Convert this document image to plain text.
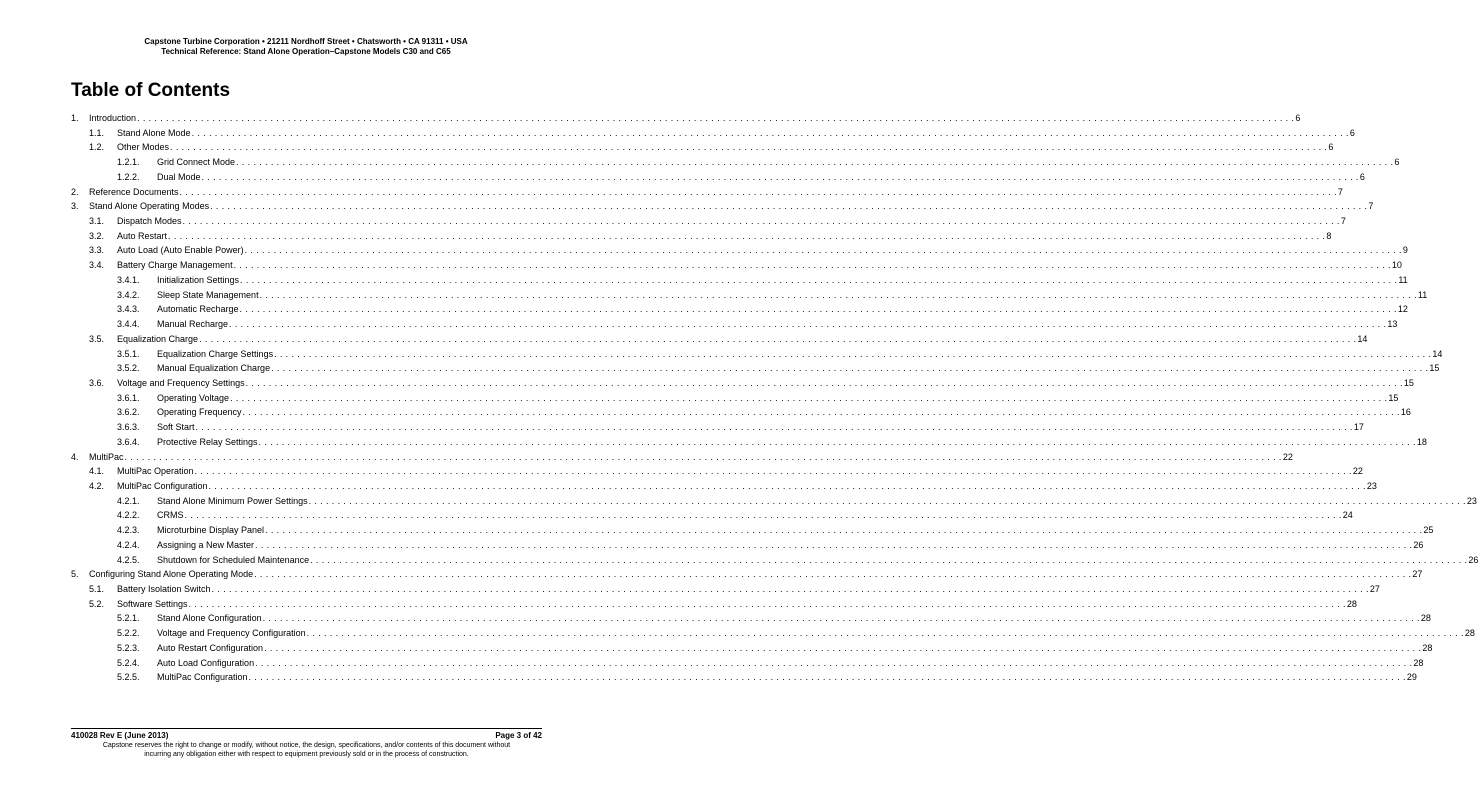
Capstone Turbine Corporation • 21211 Nordhoff Street • Chatsworth • CA 91311 • USA
Technical Reference: Stand Alone Operation–Capstone Models C30 and C65
Table of Contents
1.	Introduction . . . . . . . . . . . . . . . . . . . . . . . . . . . . . . . . . . . . . . . . . . . . . . . . . . . . . . . . . . . . . . . . . . . . . . . . . . . . . . . . . . . . . . . . . . . . . . . . . . . . . . . . . . . . . . . . . . . . . . . . . . . . . . . . . . . . . . . . . . . . . . . . . . . . . . . . . . . . . . . . . . . . . . . . . . . . . . . . . . . . . . . . . . . . . . . . . . . . . . . . 6
1.1.	Stand Alone Mode . . . . . . . . . . . . . . . . . . . . . . . . . . . . . . . . . . . . . . . . . . . . . . . . . . . . . . . . . . . . . . . . . . . . . . . . . . . . . . . . . . . . . . . . . . . . . . . . . . . . . . . . . . . . . . . . . . . . . . . . . . . . . . . . . . . . . . . . . . . . . . . . . . . . . . . . . . . . . . . . . . . . . . . . . . . . . . . . . . . . . . . . . . . . . . . . . . . . . . . . 6
1.2.	Other Modes . . . . . . . . . . . . . . . . . . . . . . . . . . . . . . . . . . . . . . . . . . . . . . . . . . . . . . . . . . . . . . . . . . . . . . . . . . . . . . . . . . . . . . . . . . . . . . . . . . . . . . . . . . . . . . . . . . . . . . . . . . . . . . . . . . . . . . . . . . . . . . . . . . . . . . . . . . . . . . . . . . . . . . . . . . . . . . . . . . . . . . . . . . . . . . . . . . . . . . . . 6
1.2.1.	Grid Connect Mode . . . . . . . . . . . . . . . . . . . . . . . . . . . . . . . . . . . . . . . . . . . . . . . . . . . . . . . . . . . . . . . . . . . . . . . . . . . . . . . . . . . . . . . . . . . . . . . . . . . . . . . . . . . . . . . . . . . . . . . . . . . . . . . . . . . . . . . . . . . . . . . . . . . . . . . . . . . . . . . . . . . . . . . . . . . . . . . . . . . . . . . . . . . . . . . . . . . . . . . . 6
1.2.2.	Dual Mode . . . . . . . . . . . . . . . . . . . . . . . . . . . . . . . . . . . . . . . . . . . . . . . . . . . . . . . . . . . . . . . . . . . . . . . . . . . . . . . . . . . . . . . . . . . . . . . . . . . . . . . . . . . . . . . . . . . . . . . . . . . . . . . . . . . . . . . . . . . . . . . . . . . . . . . . . . . . . . . . . . . . . . . . . . . . . . . . . . . . . . . . . . . . . . . . . . . . . . . . 6
2.	Reference Documents . . . . . . . . . . . . . . . . . . . . . . . . . . . . . . . . . . . . . . . . . . . . . . . . . . . . . . . . . . . . . . . . . . . . . . . . . . . . . . . . . . . . . . . . . . . . . . . . . . . . . . . . . . . . . . . . . . . . . . . . . . . . . . . . . . . . . . . . . . . . . . . . . . . . . . . . . . . . . . . . . . . . . . . . . . . . . . . . . . . . . . . . . . . . . . . . . . . . . . . . 7
3.	Stand Alone Operating Modes . . . . . . . . . . . . . . . . . . . . . . . . . . . . . . . . . . . . . . . . . . . . . . . . . . . . . . . . . . . . . . . . . . . . . . . . . . . . . . . . . . . . . . . . . . . . . . . . . . . . . . . . . . . . . . . . . . . . . . . . . . . . . . . . . . . . . . . . . . . . . . . . . . . . . . . . . . . . . . . . . . . . . . . . . . . . . . . . . . . . . . . . . . . . . . . . . . . . . . . . 7
3.1.	Dispatch Modes . . . . . . . . . . . . . . . . . . . . . . . . . . . . . . . . . . . . . . . . . . . . . . . . . . . . . . . . . . . . . . . . . . . . . . . . . . . . . . . . . . . . . . . . . . . . . . . . . . . . . . . . . . . . . . . . . . . . . . . . . . . . . . . . . . . . . . . . . . . . . . . . . . . . . . . . . . . . . . . . . . . . . . . . . . . . . . . . . . . . . . . . . . . . . . . . . . . . . . . . 7
3.2.	Auto Restart . . . . . . . . . . . . . . . . . . . . . . . . . . . . . . . . . . . . . . . . . . . . . . . . . . . . . . . . . . . . . . . . . . . . . . . . . . . . . . . . . . . . . . . . . . . . . . . . . . . . . . . . . . . . . . . . . . . . . . . . . . . . . . . . . . . . . . . . . . . . . . . . . . . . . . . . . . . . . . . . . . . . . . . . . . . . . . . . . . . . . . . . . . . . . . . . . . . . . . . . 8
3.3.	Auto Load (Auto Enable Power) . . . . . . . . . . . . . . . . . . . . . . . . . . . . . . . . . . . . . . . . . . . . . . . . . . . . . . . . . . . . . . . . . . . . . . . . . . . . . . . . . . . . . . . . . . . . . . . . . . . . . . . . . . . . . . . . . . . . . . . . . . . . . . . . . . . . . . . . . . . . . . . . . . . . . . . . . . . . . . . . . . . . . . . . . . . . . . . . . . . . . . . . . . . . . . . . . . . . . . . . 9
3.4.	Battery Charge Management . . . . . . . . . . . . . . . . . . . . . . . . . . . . . . . . . . . . . . . . . . . . . . . . . . . . . . . . . . . . . . . . . . . . . . . . . . . . . . . . . . . . . . . . . . . . . . . . . . . . . . . . . . . . . . . . . . . . . . . . . . . . . . . . . . . . . . . . . . . . . . . . . . . . . . . . . . . . . . . . . . . . . . . . . . . . . . . . . . . . . . . . . . . . . . . . . . . . . . . . 10
3.4.1.	Initialization Settings . . . . . . . . . . . . . . . . . . . . . . . . . . . . . . . . . . . . . . . . . . . . . . . . . . . . . . . . . . . . . . . . . . . . . . . . . . . . . . . . . . . . . . . . . . . . . . . . . . . . . . . . . . . . . . . . . . . . . . . . . . . . . . . . . . . . . . . . . . . . . . . . . . . . . . . . . . . . . . . . . . . . . . . . . . . . . . . . . . . . . . . . . . . . . . . . . . . . . . . . 11
3.4.2.	Sleep State Management . . . . . . . . . . . . . . . . . . . . . . . . . . . . . . . . . . . . . . . . . . . . . . . . . . . . . . . . . . . . . . . . . . . . . . . . . . . . . . . . . . . . . . . . . . . . . . . . . . . . . . . . . . . . . . . . . . . . . . . . . . . . . . . . . . . . . . . . . . . . . . . . . . . . . . . . . . . . . . . . . . . . . . . . . . . . . . . . . . . . . . . . . . . . . . . . . . . . . . . . 11
3.4.3.	Automatic Recharge . . . . . . . . . . . . . . . . . . . . . . . . . . . . . . . . . . . . . . . . . . . . . . . . . . . . . . . . . . . . . . . . . . . . . . . . . . . . . . . . . . . . . . . . . . . . . . . . . . . . . . . . . . . . . . . . . . . . . . . . . . . . . . . . . . . . . . . . . . . . . . . . . . . . . . . . . . . . . . . . . . . . . . . . . . . . . . . . . . . . . . . . . . . . . . . . . . . . . . . . 12
3.4.4.	Manual Recharge . . . . . . . . . . . . . . . . . . . . . . . . . . . . . . . . . . . . . . . . . . . . . . . . . . . . . . . . . . . . . . . . . . . . . . . . . . . . . . . . . . . . . . . . . . . . . . . . . . . . . . . . . . . . . . . . . . . . . . . . . . . . . . . . . . . . . . . . . . . . . . . . . . . . . . . . . . . . . . . . . . . . . . . . . . . . . . . . . . . . . . . . . . . . . . . . . . . . . . . . 13
3.5.	Equalization Charge . . . . . . . . . . . . . . . . . . . . . . . . . . . . . . . . . . . . . . . . . . . . . . . . . . . . . . . . . . . . . . . . . . . . . . . . . . . . . . . . . . . . . . . . . . . . . . . . . . . . . . . . . . . . . . . . . . . . . . . . . . . . . . . . . . . . . . . . . . . . . . . . . . . . . . . . . . . . . . . . . . . . . . . . . . . . . . . . . . . . . . . . . . . . . . . . . . . . . . . . 14
3.5.1.	Equalization Charge Settings . . . . . . . . . . . . . . . . . . . . . . . . . . . . . . . . . . . . . . . . . . . . . . . . . . . . . . . . . . . . . . . . . . . . . . . . . . . . . . . . . . . . . . . . . . . . . . . . . . . . . . . . . . . . . . . . . . . . . . . . . . . . . . . . . . . . . . . . . . . . . . . . . . . . . . . . . . . . . . . . . . . . . . . . . . . . . . . . . . . . . . . . . . . . . . . . . . . . . . . . 14
3.5.2.	Manual Equalization Charge . . . . . . . . . . . . . . . . . . . . . . . . . . . . . . . . . . . . . . . . . . . . . . . . . . . . . . . . . . . . . . . . . . . . . . . . . . . . . . . . . . . . . . . . . . . . . . . . . . . . . . . . . . . . . . . . . . . . . . . . . . . . . . . . . . . . . . . . . . . . . . . . . . . . . . . . . . . . . . . . . . . . . . . . . . . . . . . . . . . . . . . . . . . . . . . . . . . . . . . . 15
3.6.	Voltage and Frequency Settings . . . . . . . . . . . . . . . . . . . . . . . . . . . . . . . . . . . . . . . . . . . . . . . . . . . . . . . . . . . . . . . . . . . . . . . . . . . . . . . . . . . . . . . . . . . . . . . . . . . . . . . . . . . . . . . . . . . . . . . . . . . . . . . . . . . . . . . . . . . . . . . . . . . . . . . . . . . . . . . . . . . . . . . . . . . . . . . . . . . . . . . . . . . . . . . . . . . . . . . . 15
3.6.1.	Operating Voltage . . . . . . . . . . . . . . . . . . . . . . . . . . . . . . . . . . . . . . . . . . . . . . . . . . . . . . . . . . . . . . . . . . . . . . . . . . . . . . . . . . . . . . . . . . . . . . . . . . . . . . . . . . . . . . . . . . . . . . . . . . . . . . . . . . . . . . . . . . . . . . . . . . . . . . . . . . . . . . . . . . . . . . . . . . . . . . . . . . . . . . . . . . . . . . . . . . . . . . . . 15
3.6.2.	Operating Frequency . . . . . . . . . . . . . . . . . . . . . . . . . . . . . . . . . . . . . . . . . . . . . . . . . . . . . . . . . . . . . . . . . . . . . . . . . . . . . . . . . . . . . . . . . . . . . . . . . . . . . . . . . . . . . . . . . . . . . . . . . . . . . . . . . . . . . . . . . . . . . . . . . . . . . . . . . . . . . . . . . . . . . . . . . . . . . . . . . . . . . . . . . . . . . . . . . . . . . . . . 16
3.6.3.	Soft Start . . . . . . . . . . . . . . . . . . . . . . . . . . . . . . . . . . . . . . . . . . . . . . . . . . . . . . . . . . . . . . . . . . . . . . . . . . . . . . . . . . . . . . . . . . . . . . . . . . . . . . . . . . . . . . . . . . . . . . . . . . . . . . . . . . . . . . . . . . . . . . . . . . . . . . . . . . . . . . . . . . . . . . . . . . . . . . . . . . . . . . . . . . . . . . . . . . . . . . . . 17
3.6.4.	Protective Relay Settings . . . . . . . . . . . . . . . . . . . . . . . . . . . . . . . . . . . . . . . . . . . . . . . . . . . . . . . . . . . . . . . . . . . . . . . . . . . . . . . . . . . . . . . . . . . . . . . . . . . . . . . . . . . . . . . . . . . . . . . . . . . . . . . . . . . . . . . . . . . . . . . . . . . . . . . . . . . . . . . . . . . . . . . . . . . . . . . . . . . . . . . . . . . . . . . . . . . . . . . . 18
4.	MultiPac . . . . . . . . . . . . . . . . . . . . . . . . . . . . . . . . . . . . . . . . . . . . . . . . . . . . . . . . . . . . . . . . . . . . . . . . . . . . . . . . . . . . . . . . . . . . . . . . . . . . . . . . . . . . . . . . . . . . . . . . . . . . . . . . . . . . . . . . . . . . . . . . . . . . . . . . . . . . . . . . . . . . . . . . . . . . . . . . . . . . . . . . . . . . . . . . . . . . . . . . 22
4.1.	MultiPac Operation . . . . . . . . . . . . . . . . . . . . . . . . . . . . . . . . . . . . . . . . . . . . . . . . . . . . . . . . . . . . . . . . . . . . . . . . . . . . . . . . . . . . . . . . . . . . . . . . . . . . . . . . . . . . . . . . . . . . . . . . . . . . . . . . . . . . . . . . . . . . . . . . . . . . . . . . . . . . . . . . . . . . . . . . . . . . . . . . . . . . . . . . . . . . . . . . . . . . . . . . 22
4.2.	MultiPac Configuration . . . . . . . . . . . . . . . . . . . . . . . . . . . . . . . . . . . . . . . . . . . . . . . . . . . . . . . . . . . . . . . . . . . . . . . . . . . . . . . . . . . . . . . . . . . . . . . . . . . . . . . . . . . . . . . . . . . . . . . . . . . . . . . . . . . . . . . . . . . . . . . . . . . . . . . . . . . . . . . . . . . . . . . . . . . . . . . . . . . . . . . . . . . . . . . . . . . . . . . . 23
4.2.1.	Stand Alone Minimum Power Settings . . . . . . . . . . . . . . . . . . . . . . . . . . . . . . . . . . . . . . . . . . . . . . . . . . . . . . . . . . . . . . . . . . . . . . . . . . . . . . . . . . . . . . . . . . . . . . . . . . . . . . . . . . . . . . . . . . . . . . . . . . . . . . . . . . . . . . . . . . . . . . . . . . . . . . . . . . . . . . . . . . . . . . . . . . . . . . . . . . . . . . . . . . . . . . . . . . . . . . . . 23
4.2.2.	CRMS . . . . . . . . . . . . . . . . . . . . . . . . . . . . . . . . . . . . . . . . . . . . . . . . . . . . . . . . . . . . . . . . . . . . . . . . . . . . . . . . . . . . . . . . . . . . . . . . . . . . . . . . . . . . . . . . . . . . . . . . . . . . . . . . . . . . . . . . . . . . . . . . . . . . . . . . . . . . . . . . . . . . . . . . . . . . . . . . . . . . . . . . . . . . . . . . . . . . . . . . 24
4.2.3.	Microturbine Display Panel . . . . . . . . . . . . . . . . . . . . . . . . . . . . . . . . . . . . . . . . . . . . . . . . . . . . . . . . . . . . . . . . . . . . . . . . . . . . . . . . . . . . . . . . . . . . . . . . . . . . . . . . . . . . . . . . . . . . . . . . . . . . . . . . . . . . . . . . . . . . . . . . . . . . . . . . . . . . . . . . . . . . . . . . . . . . . . . . . . . . . . . . . . . . . . . . . . . . . . . . 25
4.2.4.	Assigning a New Master . . . . . . . . . . . . . . . . . . . . . . . . . . . . . . . . . . . . . . . . . . . . . . . . . . . . . . . . . . . . . . . . . . . . . . . . . . . . . . . . . . . . . . . . . . . . . . . . . . . . . . . . . . . . . . . . . . . . . . . . . . . . . . . . . . . . . . . . . . . . . . . . . . . . . . . . . . . . . . . . . . . . . . . . . . . . . . . . . . . . . . . . . . . . . . . . . . . . . . . . 26
4.2.5.	Shutdown for Scheduled Maintenance . . . . . . . . . . . . . . . . . . . . . . . . . . . . . . . . . . . . . . . . . . . . . . . . . . . . . . . . . . . . . . . . . . . . . . . . . . . . . . . . . . . . . . . . . . . . . . . . . . . . . . . . . . . . . . . . . . . . . . . . . . . . . . . . . . . . . . . . . . . . . . . . . . . . . . . . . . . . . . . . . . . . . . . . . . . . . . . . . . . . . . . . . . . . . . . . . . . . . . . . 26
5.	Configuring Stand Alone Operating Mode . . . . . . . . . . . . . . . . . . . . . . . . . . . . . . . . . . . . . . . . . . . . . . . . . . . . . . . . . . . . . . . . . . . . . . . . . . . . . . . . . . . . . . . . . . . . . . . . . . . . . . . . . . . . . . . . . . . . . . . . . . . . . . . . . . . . . . . . . . . . . . . . . . . . . . . . . . . . . . . . . . . . . . . . . . . . . . . . . . . . . . . . . . . . . . . . . . . . . . . . 27
5.1.	Battery Isolation Switch . . . . . . . . . . . . . . . . . . . . . . . . . . . . . . . . . . . . . . . . . . . . . . . . . . . . . . . . . . . . . . . . . . . . . . . . . . . . . . . . . . . . . . . . . . . . . . . . . . . . . . . . . . . . . . . . . . . . . . . . . . . . . . . . . . . . . . . . . . . . . . . . . . . . . . . . . . . . . . . . . . . . . . . . . . . . . . . . . . . . . . . . . . . . . . . . . . . . . . . . 27
5.2.	Software Settings . . . . . . . . . . . . . . . . . . . . . . . . . . . . . . . . . . . . . . . . . . . . . . . . . . . . . . . . . . . . . . . . . . . . . . . . . . . . . . . . . . . . . . . . . . . . . . . . . . . . . . . . . . . . . . . . . . . . . . . . . . . . . . . . . . . . . . . . . . . . . . . . . . . . . . . . . . . . . . . . . . . . . . . . . . . . . . . . . . . . . . . . . . . . . . . . . . . . . . . . 28
5.2.1.	Stand Alone Configuration . . . . . . . . . . . . . . . . . . . . . . . . . . . . . . . . . . . . . . . . . . . . . . . . . . . . . . . . . . . . . . . . . . . . . . . . . . . . . . . . . . . . . . . . . . . . . . . . . . . . . . . . . . . . . . . . . . . . . . . . . . . . . . . . . . . . . . . . . . . . . . . . . . . . . . . . . . . . . . . . . . . . . . . . . . . . . . . . . . . . . . . . . . . . . . . . . . . . . . . . 28
5.2.2.	Voltage and Frequency Configuration . . . . . . . . . . . . . . . . . . . . . . . . . . . . . . . . . . . . . . . . . . . . . . . . . . . . . . . . . . . . . . . . . . . . . . . . . . . . . . . . . . . . . . . . . . . . . . . . . . . . . . . . . . . . . . . . . . . . . . . . . . . . . . . . . . . . . . . . . . . . . . . . . . . . . . . . . . . . . . . . . . . . . . . . . . . . . . . . . . . . . . . . . . . . . . . . . . . . . . . . 28
5.2.3.	Auto Restart Configuration . . . . . . . . . . . . . . . . . . . . . . . . . . . . . . . . . . . . . . . . . . . . . . . . . . . . . . . . . . . . . . . . . . . . . . . . . . . . . . . . . . . . . . . . . . . . . . . . . . . . . . . . . . . . . . . . . . . . . . . . . . . . . . . . . . . . . . . . . . . . . . . . . . . . . . . . . . . . . . . . . . . . . . . . . . . . . . . . . . . . . . . . . . . . . . . . . . . . . . . . 28
5.2.4.	Auto Load Configuration . . . . . . . . . . . . . . . . . . . . . . . . . . . . . . . . . . . . . . . . . . . . . . . . . . . . . . . . . . . . . . . . . . . . . . . . . . . . . . . . . . . . . . . . . . . . . . . . . . . . . . . . . . . . . . . . . . . . . . . . . . . . . . . . . . . . . . . . . . . . . . . . . . . . . . . . . . . . . . . . . . . . . . . . . . . . . . . . . . . . . . . . . . . . . . . . . . . . . . . . 28
5.2.5.	MultiPac Configuration . . . . . . . . . . . . . . . . . . . . . . . . . . . . . . . . . . . . . . . . . . . . . . . . . . . . . . . . . . . . . . . . . . . . . . . . . . . . . . . . . . . . . . . . . . . . . . . . . . . . . . . . . . . . . . . . . . . . . . . . . . . . . . . . . . . . . . . . . . . . . . . . . . . . . . . . . . . . . . . . . . . . . . . . . . . . . . . . . . . . . . . . . . . . . . . . . . . . . . . . 29
410028 Rev E (June 2013)	Page 3 of 42
Capstone reserves the right to change or modify, without notice, the design, specifications, and/or contents of this document without
incurring any obligation either with respect to equipment previously sold or in the process of construction.
